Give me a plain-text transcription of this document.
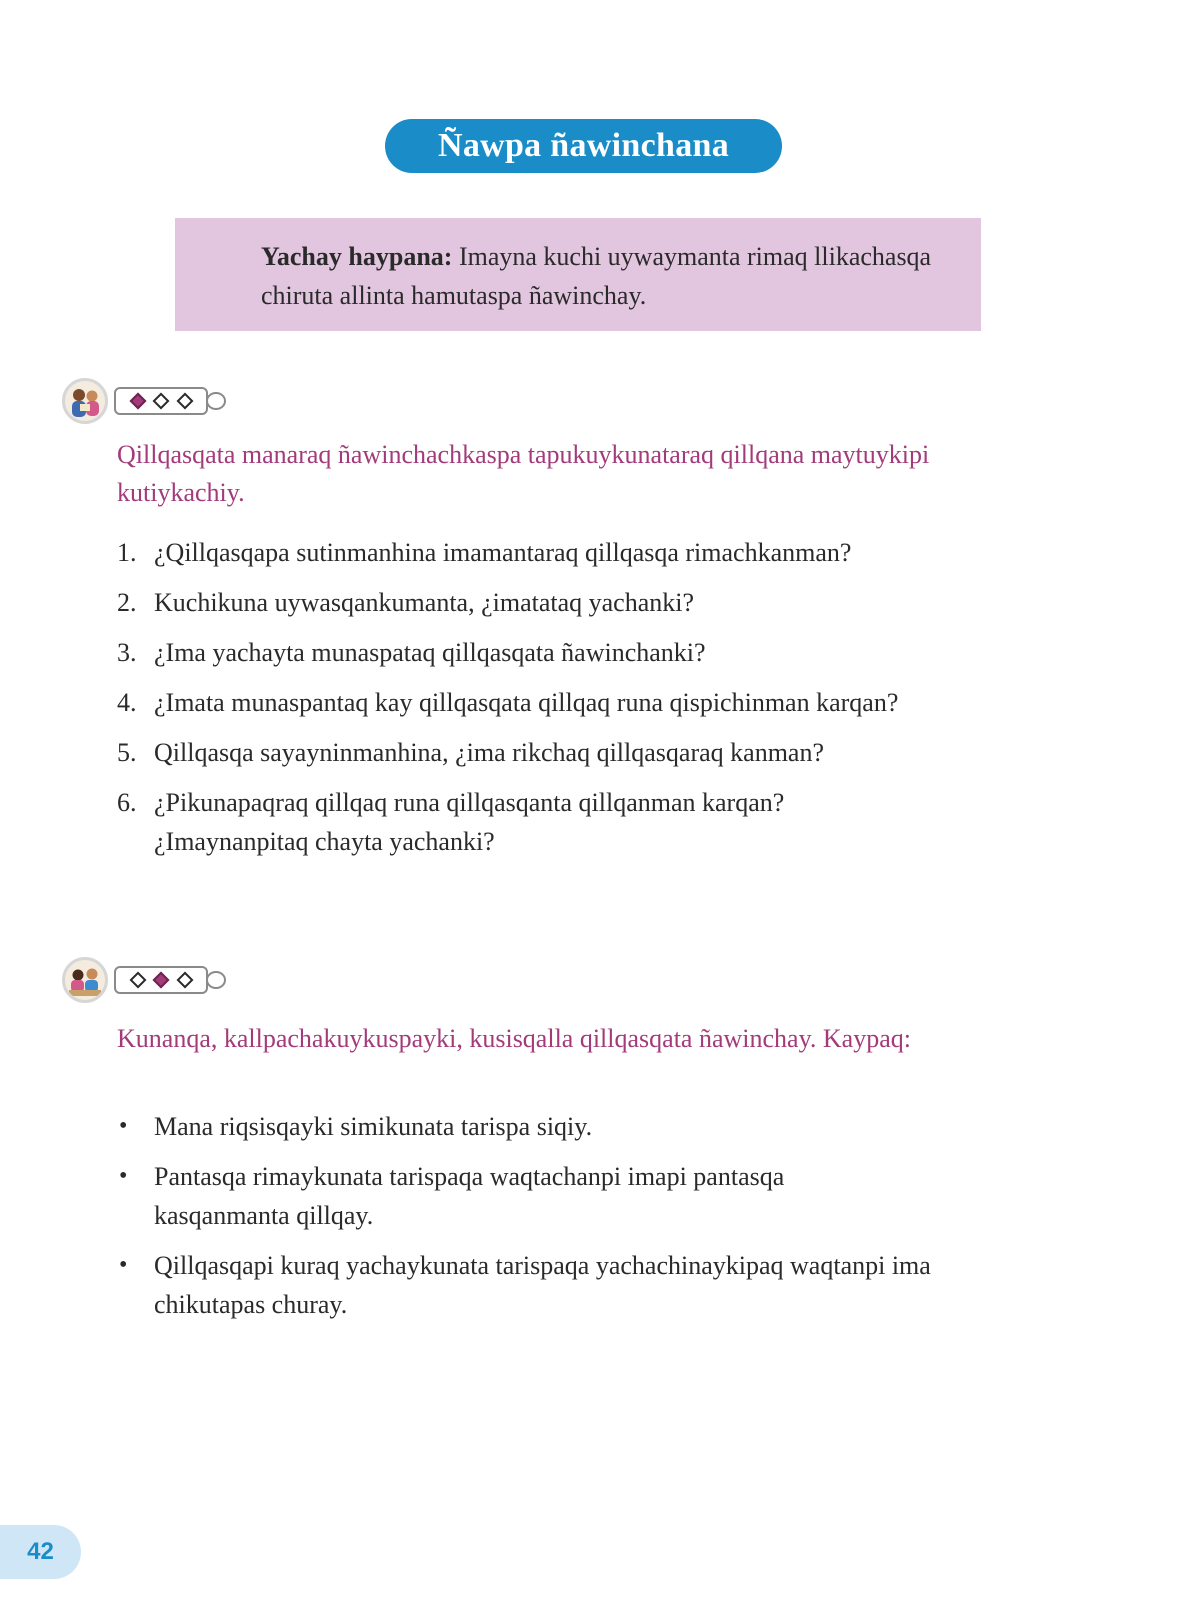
Ñawpa ñawinchana
Yachay haypana: Imayna kuchi uywaymanta rimaq llikachasqa chiruta allinta hamutaspa ñawinchay.
Qillqasqata manaraq ñawinchachkaspa tapukuykunataraq qillqana maytuykipi kutiykachiy.
1. ¿Qillqasqapa sutinmanhina imamantaraq qillqasqa rimachkanman?
2. Kuchikuna uywasqankumanta, ¿imatataq yachanki?
3. ¿Ima yachayta munaspataq qillqasqata ñawinchanki?
4. ¿Imata munaspantaq kay qillqasqata qillqaq runa qispichinman karqan?
5. Qillqasqa sayayninmanhina, ¿ima rikchaq qillqasqaraq kanman?
6. ¿Pikunapaqraq qillqaq runa qillqasqanta qillqanman karqan? ¿Imaynanpitaq chayta yachanki?
Kunanqa, kallpachakuykuspayki, kusisqalla qillqasqata ñawinchay. Kaypaq:
• Mana riqsisqayki simikunata tarispa siqiy.
• Pantasqa rimaykunata tarispaqa waqtachanpi imapi pantasqa kasqanmanta qillqay.
• Qillqasqapi kuraq yachaykunata tarispaqa yachachinaykipaq waqtanpi ima chikutapas churay.
42
